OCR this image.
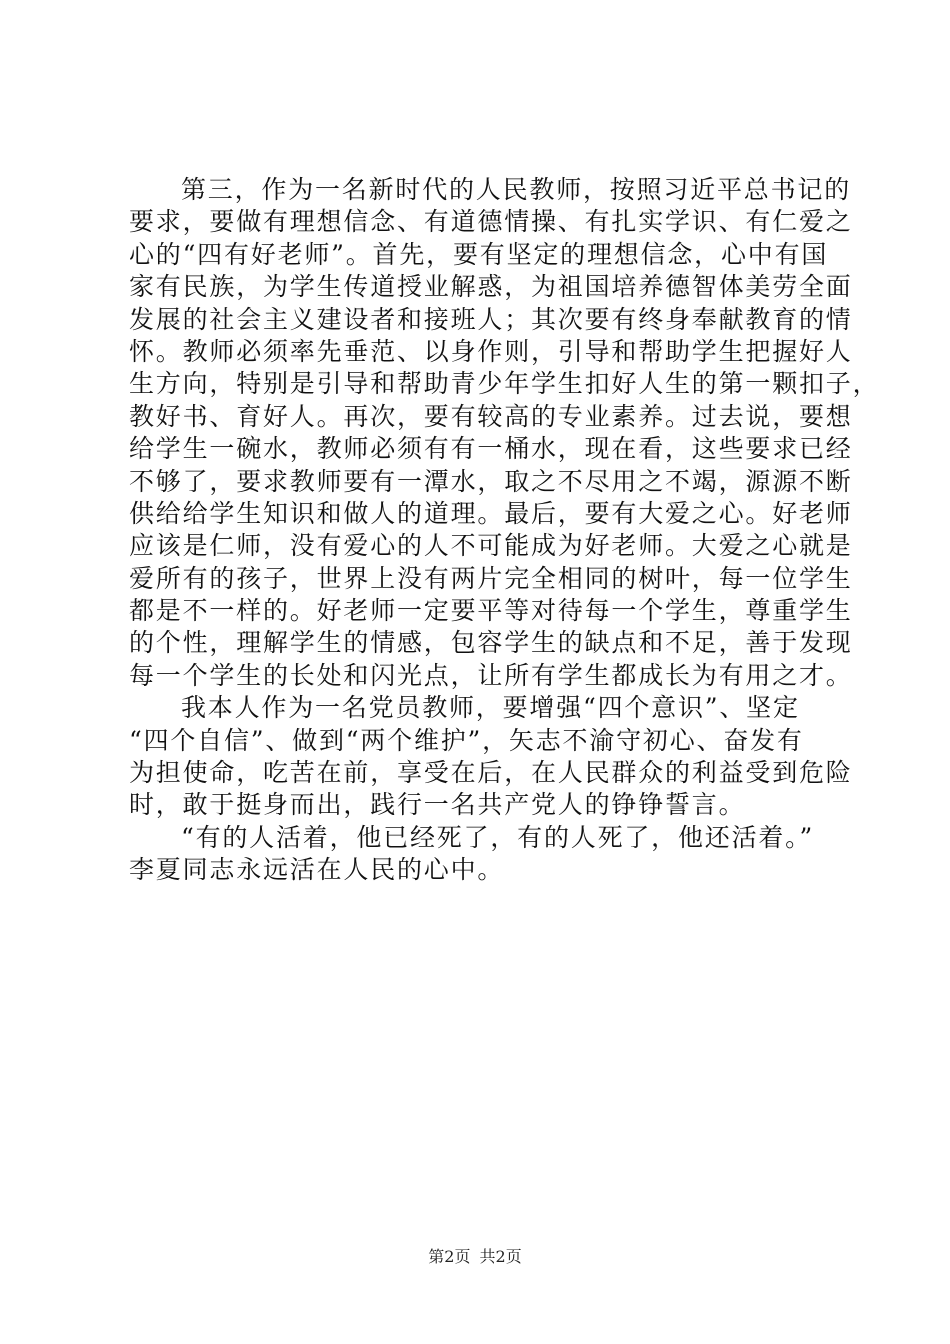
第三，作为一名新时代的人民教师，按照习近平总书记的
要求，要做有理想信念、有道德情操、有扎实学识、有仁爱之
心的“四有好老师”。首先，要有坚定的理想信念，心中有国
家有民族，为学生传道授业解惑，为祖国培养德智体美劳全面
发展的社会主义建设者和接班人；其次要有终身奉献教育的情
怀。教师必须率先垂范、以身作则，引导和帮助学生把握好人
生方向，特别是引导和帮助青少年学生扣好人生的第一颗扣子，
教好书、育好人。再次，要有较高的专业素养。过去说，要想
给学生一碗水，教师必须有有一桶水，现在看，这些要求已经
不够了，要求教师要有一潭水，取之不尽用之不竭，源源不断
供给给学生知识和做人的道理。最后，要有大爱之心。好老师
应该是仁师，没有爱心的人不可能成为好老师。大爱之心就是
爱所有的孩子，世界上没有两片完全相同的树叶，每一位学生
都是不一样的。好老师一定要平等对待每一个学生，尊重学生
的个性，理解学生的情感，包容学生的缺点和不足，善于发现
每一个学生的长处和闪光点，让所有学生都成长为有用之才。
我本人作为一名党员教师，要增强“四个意识”、坚定
“四个自信”、做到“两个维护”，矢志不渝守初心、奋发有
为担使命，吃苦在前，享受在后，在人民群众的利益受到危险
时，敢于挺身而出，践行一名共产党人的铮铮誓言。
“有的人活着，他已经死了，有的人死了，他还活着。”
李夏同志永远活在人民的心中。
第2页 共2页
